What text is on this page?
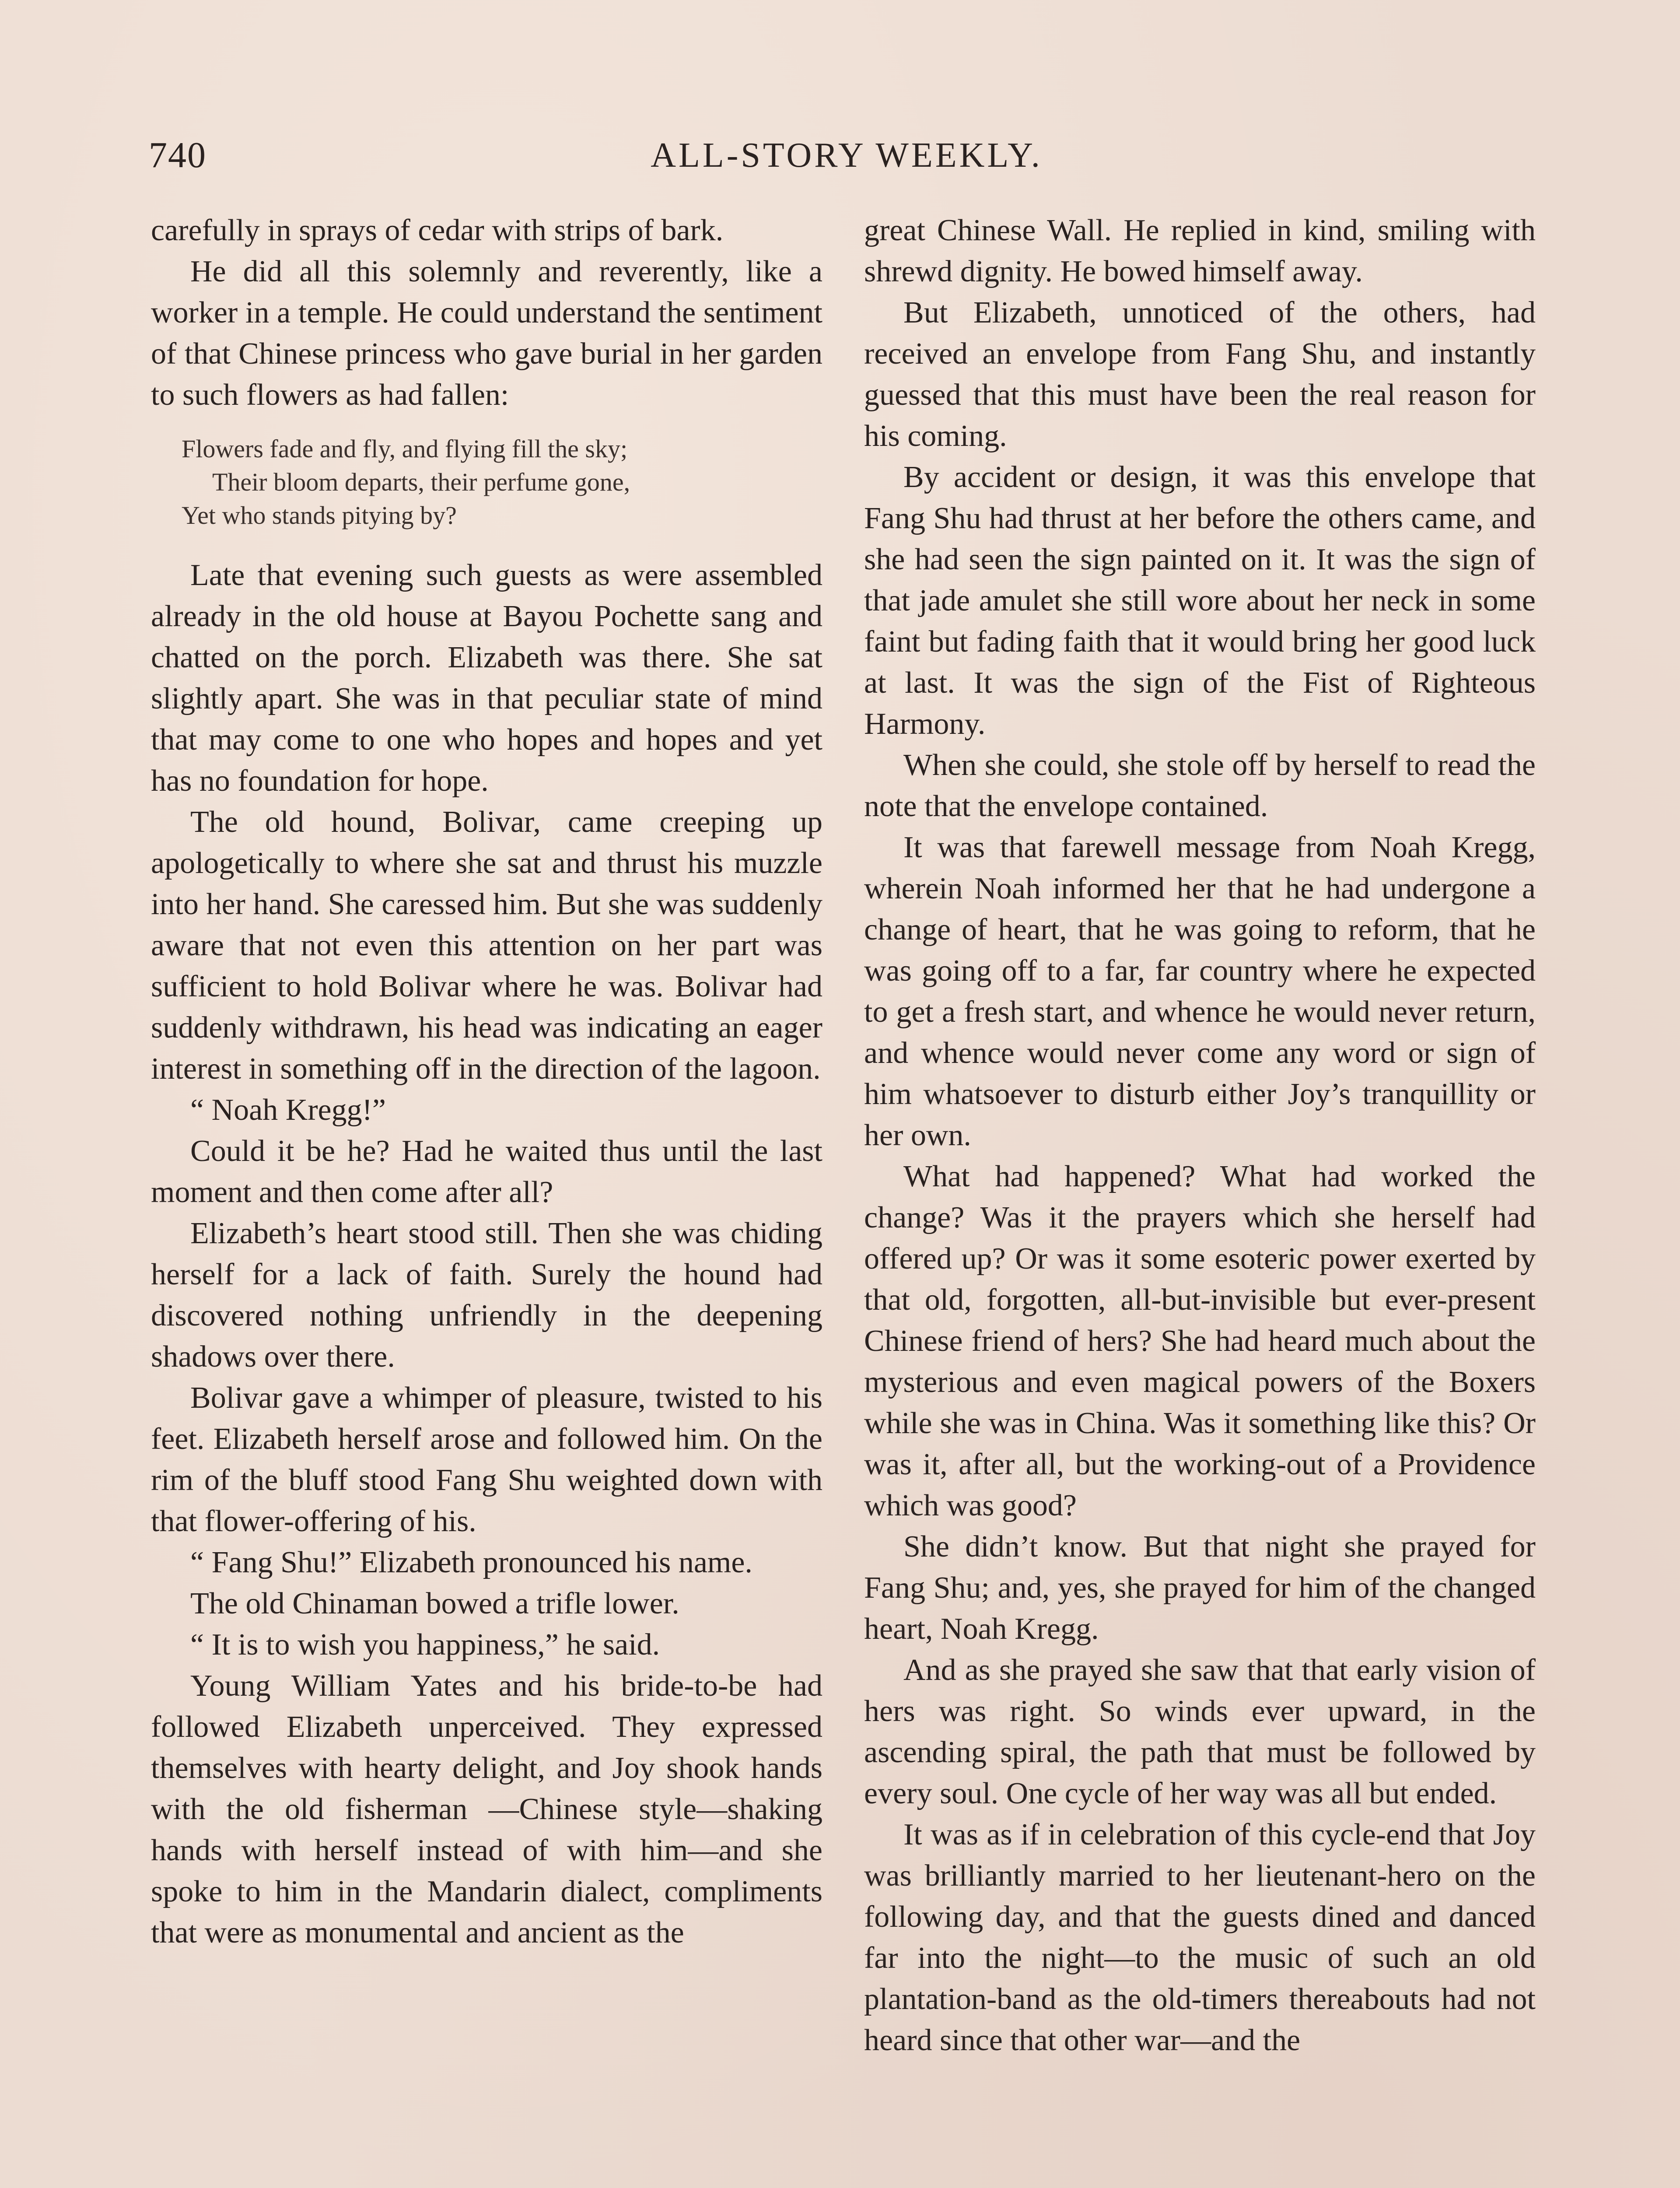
740	ALL-STORY WEEKLY.

carefully in sprays of cedar with strips of bark.

He did all this solemnly and reverently, like a worker in a temple. He could understand the sentiment of that Chinese princess who gave burial in her garden to such flowers as had fallen:

Flowers fade and fly, and flying fill the sky;
Their bloom departs, their perfume gone,
Yet who stands pitying by?

Late that evening such guests as were assembled already in the old house at Bayou Pochette sang and chatted on the porch. Elizabeth was there. She sat slightly apart. She was in that peculiar state of mind that may come to one who hopes and hopes and yet has no foundation for hope.

The old hound, Bolivar, came creeping up apologetically to where she sat and thrust his muzzle into her hand. She caressed him. But she was suddenly aware that not even this attention on her part was sufficient to hold Bolivar where he was. Bolivar had suddenly withdrawn, his head was indicating an eager interest in something off in the direction of the lagoon.

“ Noah Kregg!”

Could it be he? Had he waited thus until the last moment and then come after all?

Elizabeth’s heart stood still. Then she was chiding herself for a lack of faith. Surely the hound had discovered nothing unfriendly in the deepening shadows over there.

Bolivar gave a whimper of pleasure, twisted to his feet. Elizabeth herself arose and followed him. On the rim of the bluff stood Fang Shu weighted down with that flower-offering of his.

“ Fang Shu!” Elizabeth pronounced his name.

The old Chinaman bowed a trifle lower.

“ It is to wish you happiness,” he said.

Young William Yates and his bride-to-be had followed Elizabeth unperceived. They expressed themselves with hearty delight, and Joy shook hands with the old fisherman —Chinese style—shaking hands with herself instead of with him—and she spoke to him in the Mandarin dialect, compliments that were as monumental and ancient as the

great Chinese Wall. He replied in kind, smiling with shrewd dignity. He bowed himself away.

But Elizabeth, unnoticed of the others, had received an envelope from Fang Shu, and instantly guessed that this must have been the real reason for his coming.

By accident or design, it was this envelope that Fang Shu had thrust at her before the others came, and she had seen the sign painted on it. It was the sign of that jade amulet she still wore about her neck in some faint but fading faith that it would bring her good luck at last. It was the sign of the Fist of Righteous Harmony.

When she could, she stole off by herself to read the note that the envelope contained.

It was that farewell message from Noah Kregg, wherein Noah informed her that he had undergone a change of heart, that he was going to reform, that he was going off to a far, far country where he expected to get a fresh start, and whence he would never return, and whence would never come any word or sign of him whatsoever to disturb either Joy’s tranquillity or her own.

What had happened? What had worked the change? Was it the prayers which she herself had offered up? Or was it some esoteric power exerted by that old, forgotten, all-but-invisible but ever-present Chinese friend of hers? She had heard much about the mysterious and even magical powers of the Boxers while she was in China. Was it something like this? Or was it, after all, but the working-out of a Providence which was good?

She didn’t know. But that night she prayed for Fang Shu; and, yes, she prayed for him of the changed heart, Noah Kregg.

And as she prayed she saw that that early vision of hers was right. So winds ever upward, in the ascending spiral, the path that must be followed by every soul. One cycle of her way was all but ended.

It was as if in celebration of this cycle-end that Joy was brilliantly married to her lieutenant-hero on the following day, and that the guests dined and danced far into the night—to the music of such an old plantation-band as the old-timers thereabouts had not heard since that other war—and the
